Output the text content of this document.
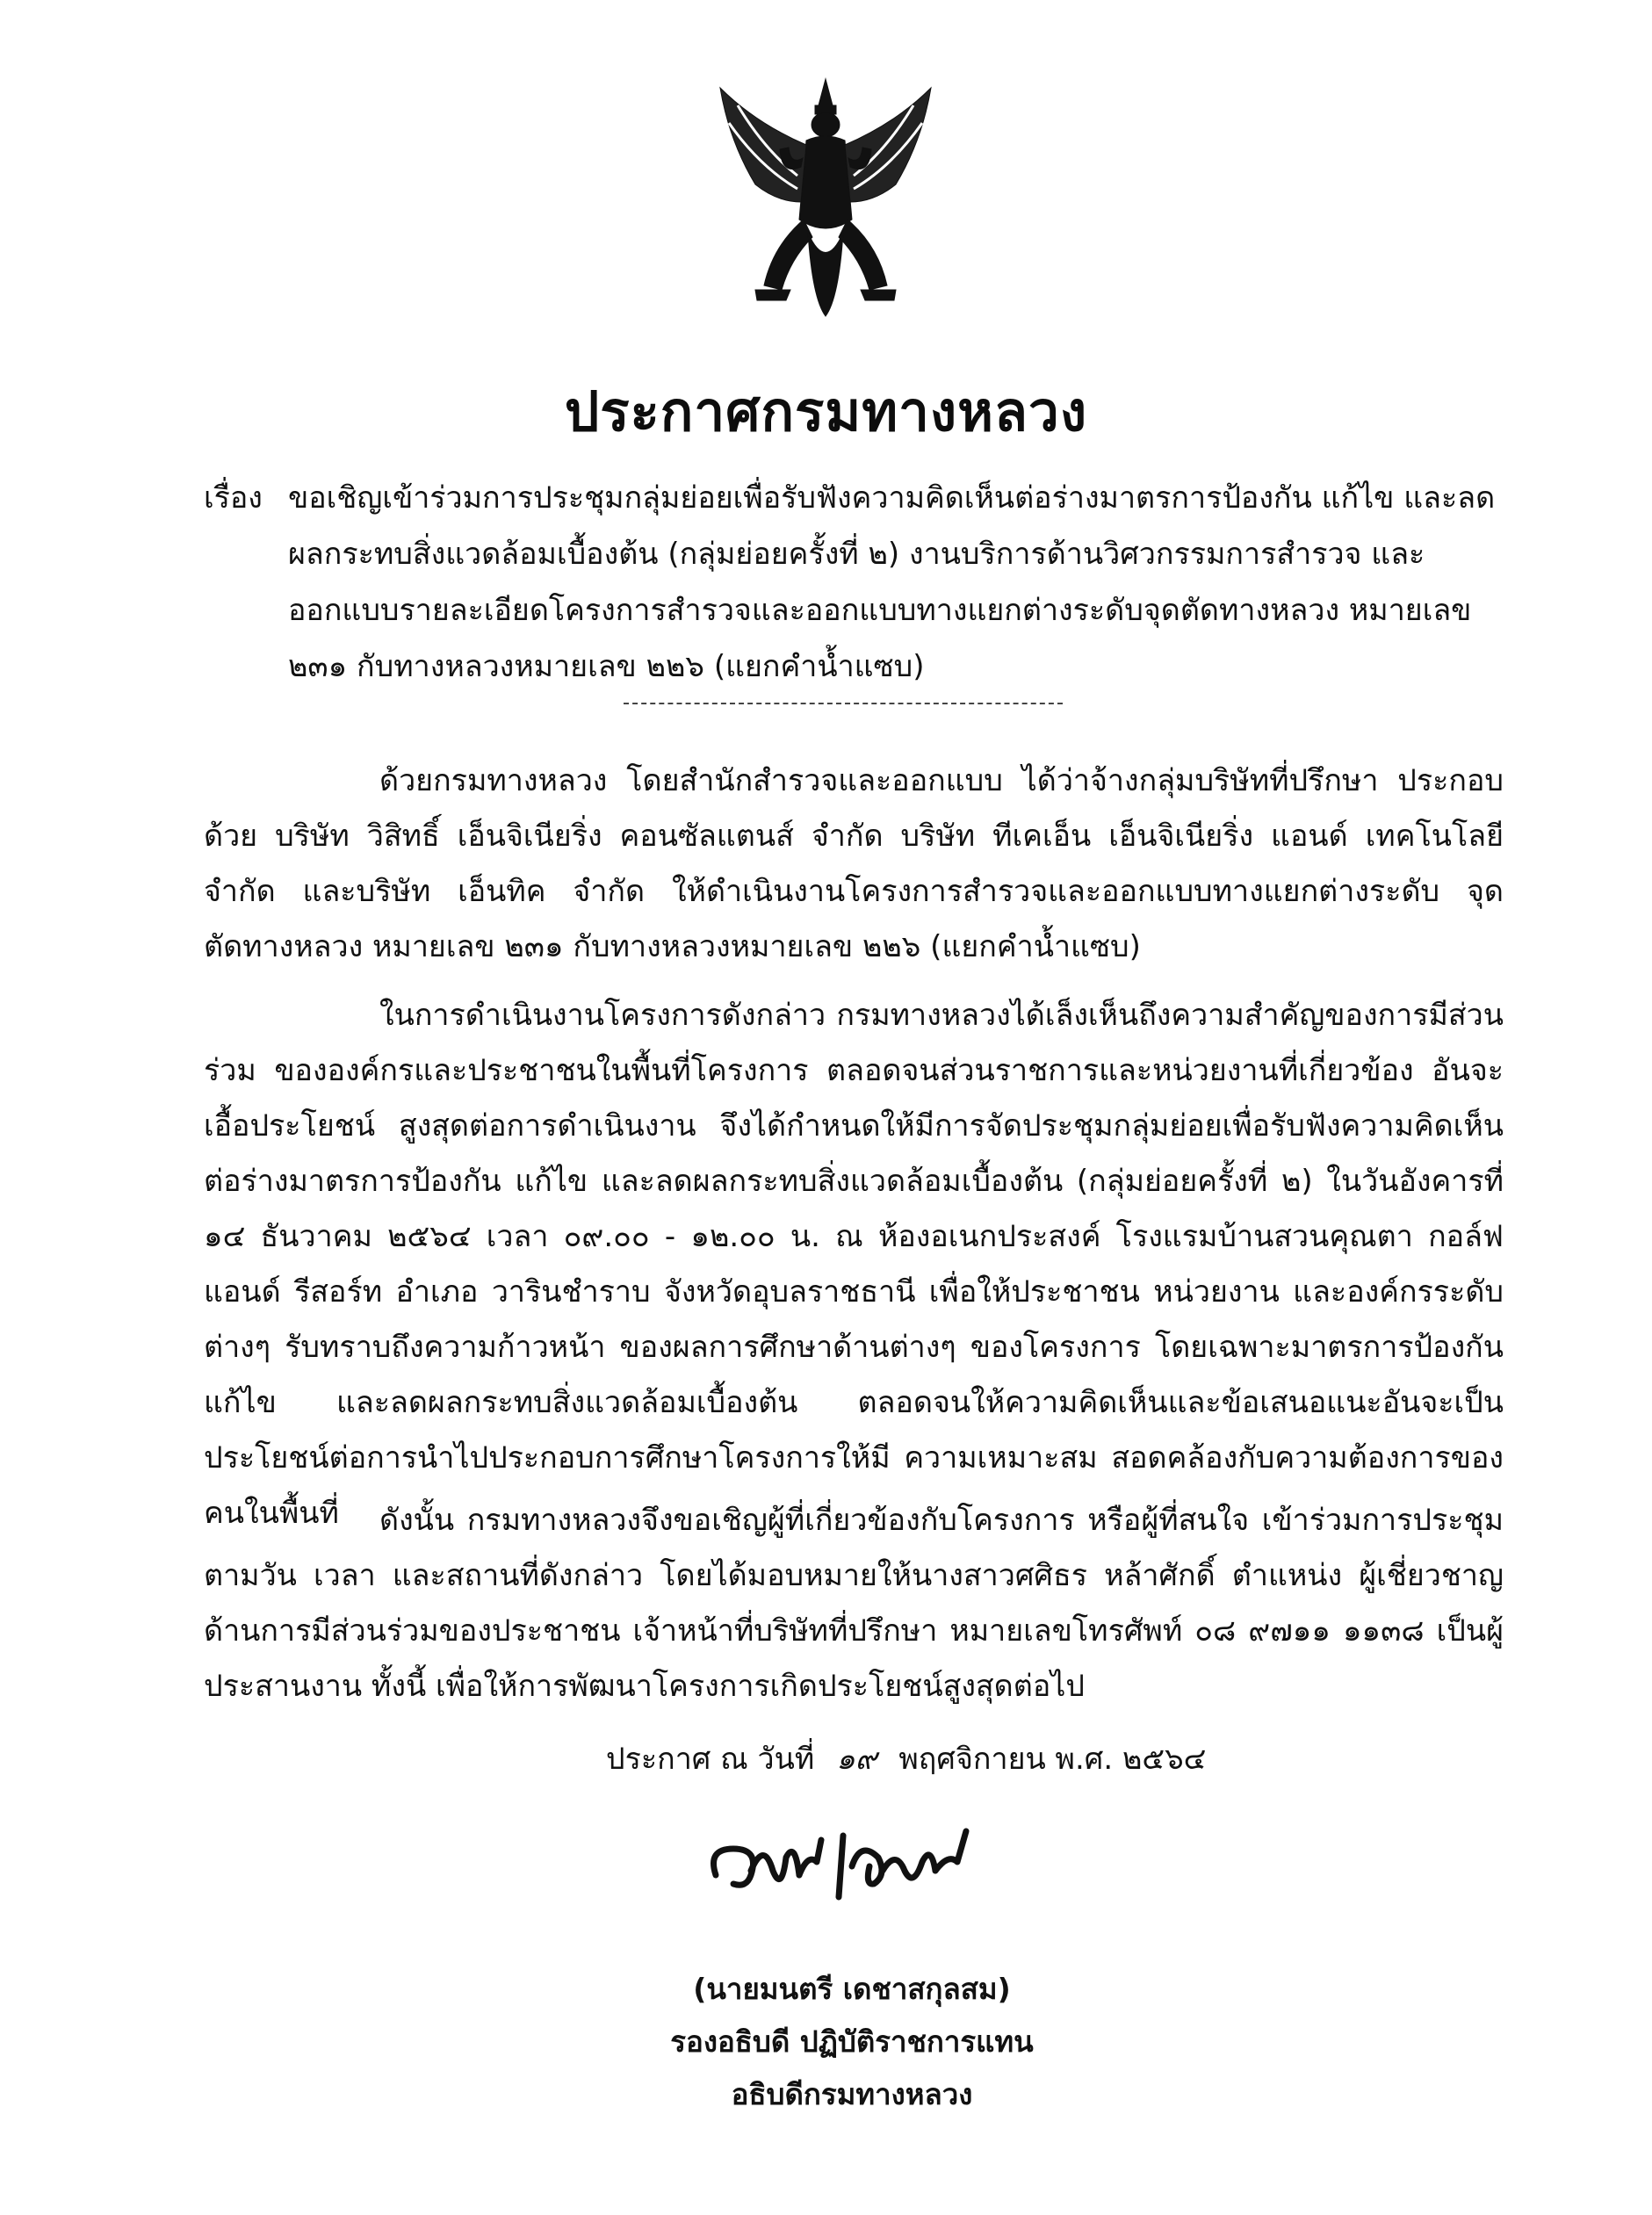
ประกาศกรมทางหลวง
เรื่อง ขอเชิญเข้าร่วมการประชุมกลุ่มย่อยเพื่อรับฟังความคิดเห็นต่อร่างมาตรการป้องกัน แก้ไข และลดผลกระทบสิ่งแวดล้อมเบื้องต้น (กลุ่มย่อยครั้งที่ ๒) งานบริการด้านวิศวกรรมการสำรวจ และออกแบบรายละเอียดโครงการสำรวจและออกแบบทางแยกต่างระดับจุดตัดทางหลวง หมายเลข ๒๓๑ กับทางหลวงหมายเลข ๒๒๖ (แยกคำน้ำแซบ)
ด้วยกรมทางหลวง โดยสำนักสำรวจและออกแบบ ได้ว่าจ้างกลุ่มบริษัทที่ปรึกษา ประกอบด้วย บริษัท วิสิทธิ์ เอ็นจิเนียริ่ง คอนซัลแตนส์ จำกัด บริษัท ทีเคเอ็น เอ็นจิเนียริ่ง แอนด์ เทคโนโลยี จำกัด และบริษัท เอ็นทิค จำกัด ให้ดำเนินงานโครงการสำรวจและออกแบบทางแยกต่างระดับ จุดตัดทางหลวง หมายเลข ๒๓๑ กับทางหลวงหมายเลข ๒๒๖ (แยกคำน้ำแซบ)
ในการดำเนินงานโครงการดังกล่าว กรมทางหลวงได้เล็งเห็นถึงความสำคัญของการมีส่วนร่วม ขององค์กรและประชาชนในพื้นที่โครงการ ตลอดจนส่วนราชการและหน่วยงานที่เกี่ยวข้อง อันจะเอื้อประโยชน์ สูงสุดต่อการดำเนินงาน จึงได้กำหนดให้มีการจัดประชุมกลุ่มย่อยเพื่อรับฟังความคิดเห็นต่อร่างมาตรการป้องกัน แก้ไข และลดผลกระทบสิ่งแวดล้อมเบื้องต้น (กลุ่มย่อยครั้งที่ ๒) ในวันอังคารที่ ๑๔ ธันวาคม ๒๕๖๔ เวลา ๐๙.๐๐ - ๑๒.๐๐ น. ณ ห้องอเนกประสงค์ โรงแรมบ้านสวนคุณตา กอล์ฟ แอนด์ รีสอร์ท อำเภอ วารินชำราบ จังหวัดอุบลราชธานี เพื่อให้ประชาชน หน่วยงาน และองค์กรระดับต่างๆ รับทราบถึงความก้าวหน้า ของผลการศึกษาด้านต่างๆ ของโครงการ โดยเฉพาะมาตรการป้องกัน แก้ไข และลดผลกระทบสิ่งแวดล้อมเบื้องต้น ตลอดจนให้ความคิดเห็นและข้อเสนอแนะอันจะเป็นประโยชน์ต่อการนำไปประกอบการศึกษาโครงการให้มี ความเหมาะสม สอดคล้องกับความต้องการของคนในพื้นที่	ดังนั้น กรมทางหลวงจึงขอเชิญผู้ที่เกี่ยวข้องกับโครงการ หรือผู้ที่สนใจ เข้าร่วมการประชุม ตามวัน เวลา และสถานที่ดังกล่าว โดยได้มอบหมายให้นางสาวศศิธร หล้าศักดิ์ ตำแหน่ง ผู้เชี่ยวชาญ ด้านการมีส่วนร่วมของประชาชน เจ้าหน้าที่บริษัทที่ปรึกษา หมายเลขโทรศัพท์ ๐๘ ๙๗๑๑ ๑๑๓๘ เป็นผู้ประสานงาน ทั้งนี้ เพื่อให้การพัฒนาโครงการเกิดประโยชน์สูงสุดต่อไป
ประกาศ ณ วันที่ ๑๙ พฤศจิกายน พ.ศ. ๒๕๖๔
(นายมนตรี เดชาสกุลสม)
รองอธิบดี ปฏิบัติราชการแทน
อธิบดีกรมทางหลวง
